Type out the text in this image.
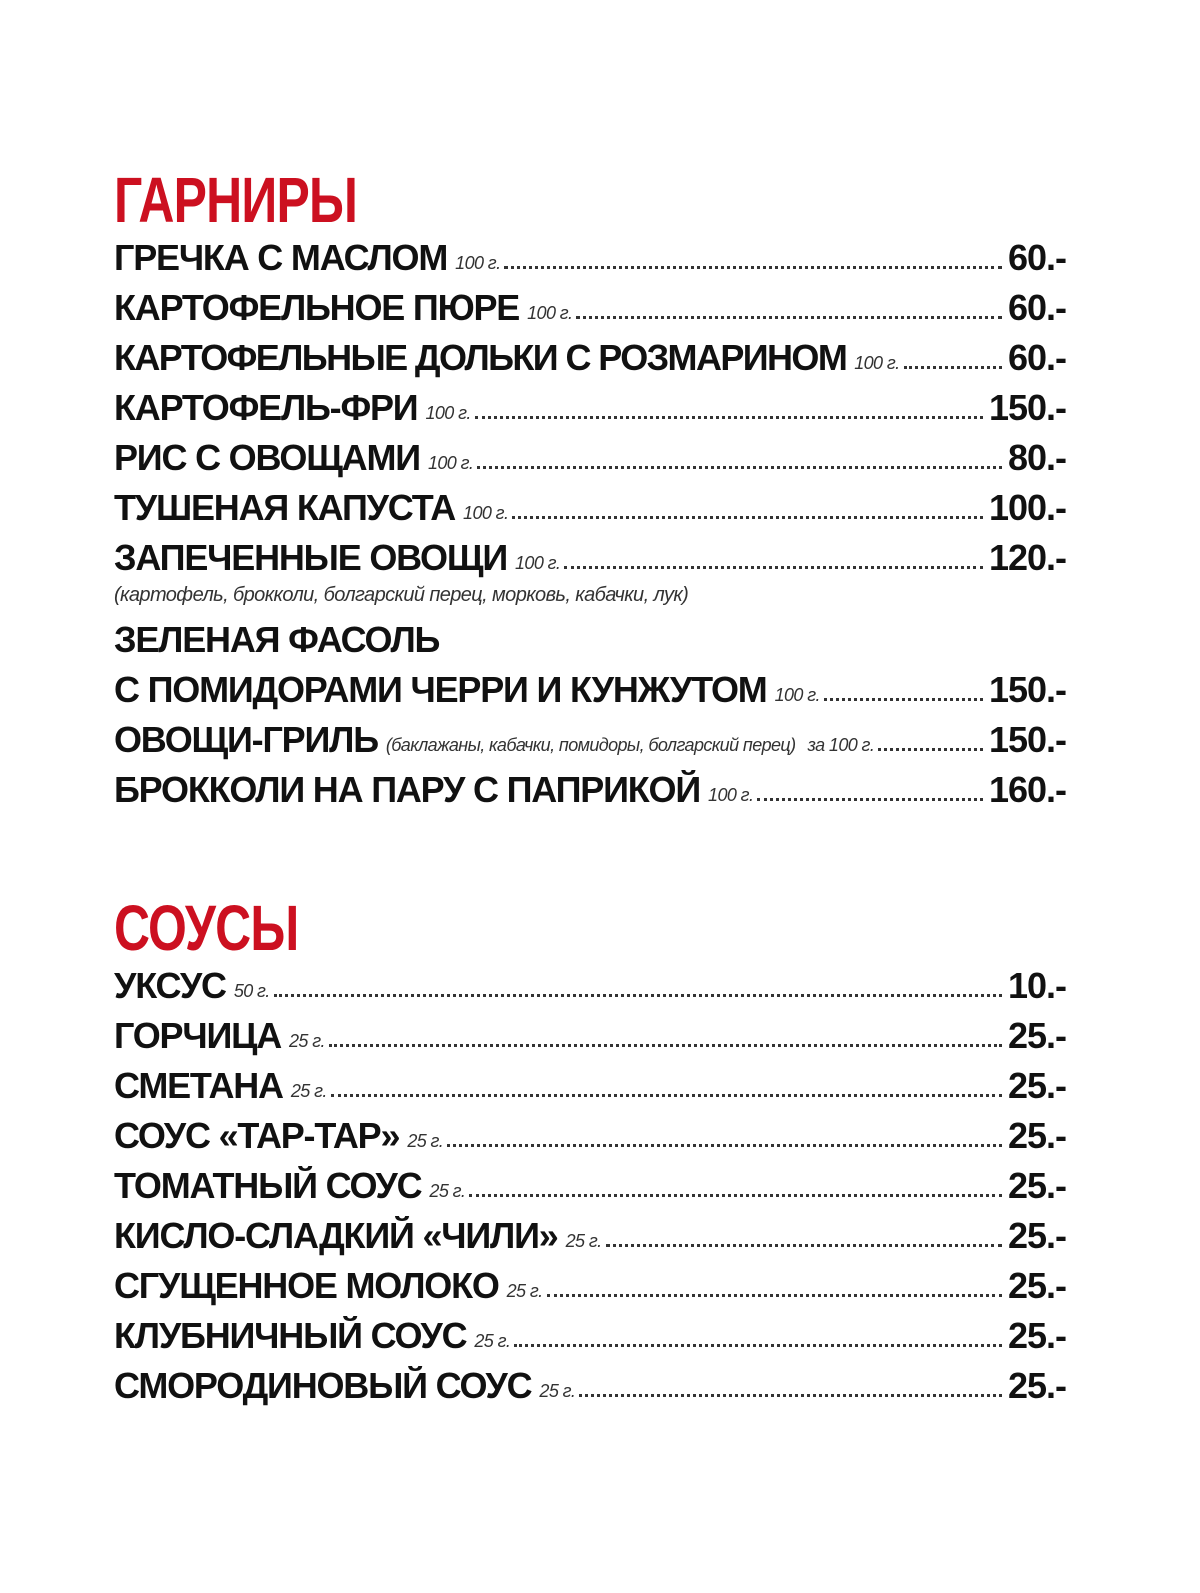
ГАРНИРЫ
ГРЕЧКА С МАСЛОМ 100 г.	60.-
КАРТОФЕЛЬНОЕ ПЮРЕ 100 г.	60.-
КАРТОФЕЛЬНЫЕ ДОЛЬКИ С РОЗМАРИНОМ 100 г.	60.-
КАРТОФЕЛЬ-ФРИ 100 г.	150.-
РИС С ОВОЩАМИ 100 г.	80.-
ТУШЕНАЯ КАПУСТА 100 г.	100.-
ЗАПЕЧЕННЫЕ ОВОЩИ 100 г.	120.-
(картофель, брокколи, болгарский перец, морковь, кабачки, лук)
ЗЕЛЕНАЯ ФАСОЛЬ
С ПОМИДОРАМИ ЧЕРРИ И КУНЖУТОМ 100 г.	150.-
ОВОЩИ-ГРИЛЬ (баклажаны, кабачки, помидоры, болгарский перец) за 100 г.	150.-
БРОККОЛИ НА ПАРУ С ПАПРИКОЙ 100 г.	160.-
СОУСЫ
УКСУС 50 г.	10.-
ГОРЧИЦА 25 г.	25.-
СМЕТАНА 25 г.	25.-
СОУС «ТАР-ТАР» 25 г.	25.-
ТОМАТНЫЙ СОУС 25 г.	25.-
КИСЛО-СЛАДКИЙ «ЧИЛИ» 25 г.	25.-
СГУЩЕННОЕ МОЛОКО 25 г.	25.-
КЛУБНИЧНЫЙ СОУС 25 г.	25.-
СМОРОДИНОВЫЙ СОУС 25 г.	25.-
